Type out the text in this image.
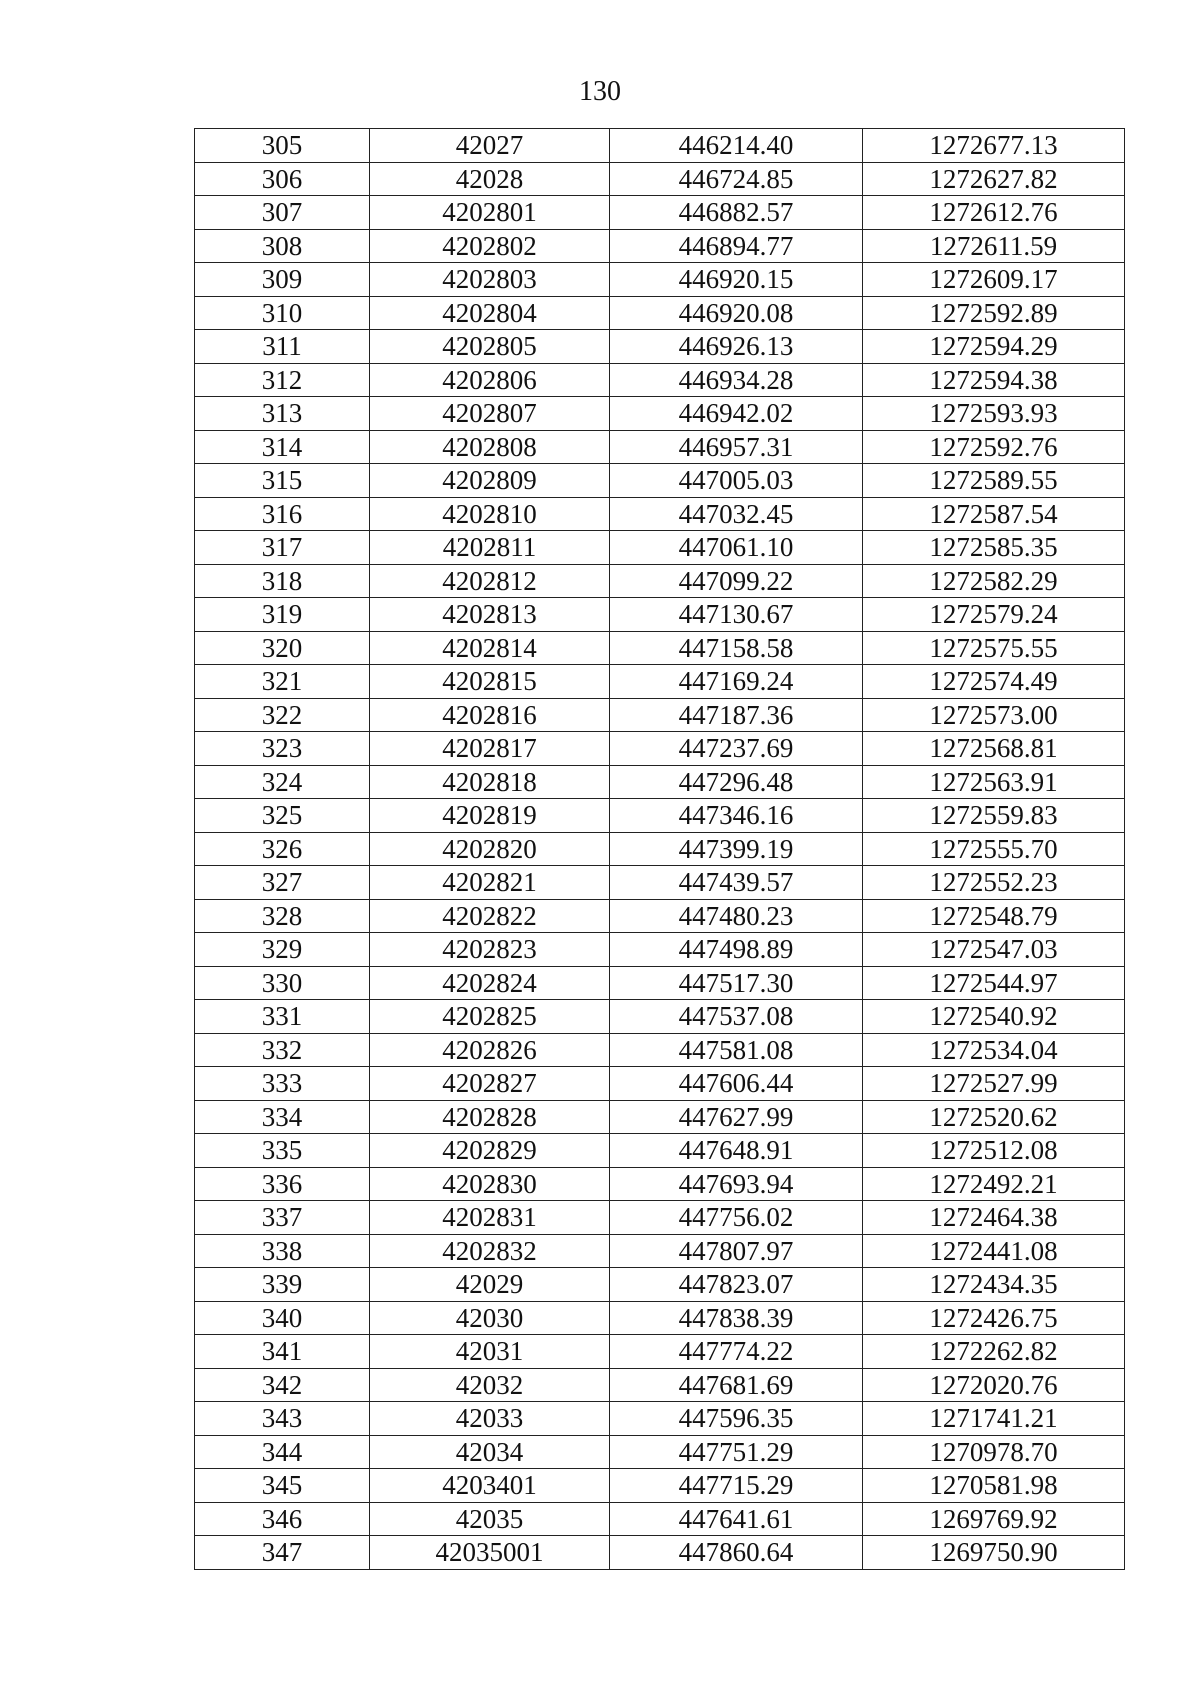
130
305	42027	446214.40	1272677.13
306	42028	446724.85	1272627.82
307	4202801	446882.57	1272612.76
308	4202802	446894.77	1272611.59
309	4202803	446920.15	1272609.17
310	4202804	446920.08	1272592.89
311	4202805	446926.13	1272594.29
312	4202806	446934.28	1272594.38
313	4202807	446942.02	1272593.93
314	4202808	446957.31	1272592.76
315	4202809	447005.03	1272589.55
316	4202810	447032.45	1272587.54
317	4202811	447061.10	1272585.35
318	4202812	447099.22	1272582.29
319	4202813	447130.67	1272579.24
320	4202814	447158.58	1272575.55
321	4202815	447169.24	1272574.49
322	4202816	447187.36	1272573.00
323	4202817	447237.69	1272568.81
324	4202818	447296.48	1272563.91
325	4202819	447346.16	1272559.83
326	4202820	447399.19	1272555.70
327	4202821	447439.57	1272552.23
328	4202822	447480.23	1272548.79
329	4202823	447498.89	1272547.03
330	4202824	447517.30	1272544.97
331	4202825	447537.08	1272540.92
332	4202826	447581.08	1272534.04
333	4202827	447606.44	1272527.99
334	4202828	447627.99	1272520.62
335	4202829	447648.91	1272512.08
336	4202830	447693.94	1272492.21
337	4202831	447756.02	1272464.38
338	4202832	447807.97	1272441.08
339	42029	447823.07	1272434.35
340	42030	447838.39	1272426.75
341	42031	447774.22	1272262.82
342	42032	447681.69	1272020.76
343	42033	447596.35	1271741.21
344	42034	447751.29	1270978.70
345	4203401	447715.29	1270581.98
346	42035	447641.61	1269769.92
347	42035001	447860.64	1269750.90
